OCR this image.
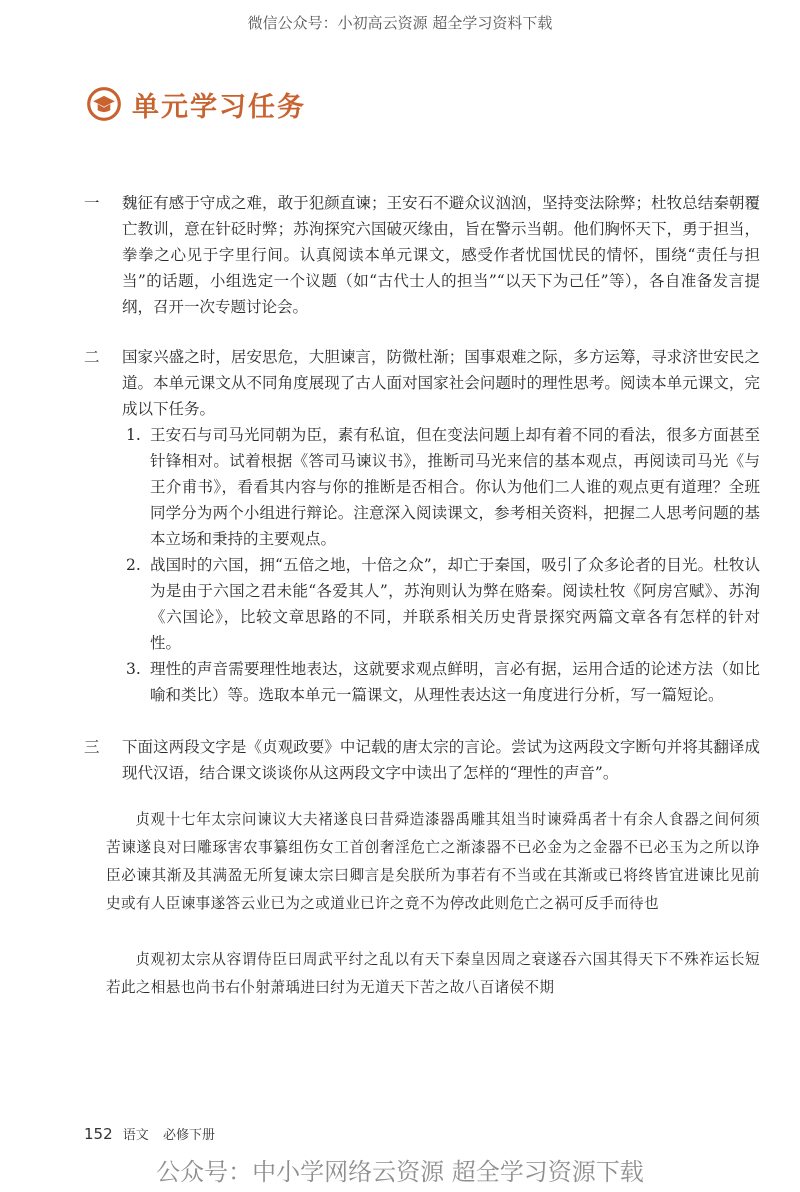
微信公众号：小初高云资源 超全学习资料下载
单元学习任务
一	魏征有感于守成之难，敢于犯颜直谏；王安石不避众议汹汹，坚持变法除弊；杜牧总结秦朝覆亡教训，意在针砭时弊；苏洵探究六国破灭缘由，旨在警示当朝。他们胸怀天下，勇于担当，拳拳之心见于字里行间。认真阅读本单元课文，感受作者忧国忧民的情怀，围绕“责任与担当”的话题，小组选定一个议题（如“古代士人的担当”“以天下为己任”等），各自准备发言提纲，召开一次专题讨论会。
二	国家兴盛之时，居安思危，大胆谏言，防微杜渐；国事艰难之际，多方运筹，寻求济世安民之道。本单元课文从不同角度展现了古人面对国家社会问题时的理性思考。阅读本单元课文，完成以下任务。
1. 王安石与司马光同朝为臣，素有私谊，但在变法问题上却有着不同的看法，很多方面甚至针锋相对。试着根据《答司马谏议书》，推断司马光来信的基本观点，再阅读司马光《与王介甫书》，看看其内容与你的推断是否相合。你认为他们二人谁的观点更有道理？全班同学分为两个小组进行辩论。注意深入阅读课文，参考相关资料，把握二人思考问题的基本立场和秉持的主要观点。
2. 战国时的六国，拥“五倍之地，十倍之众”，却亡于秦国，吸引了众多论者的目光。杜牧认为是由于六国之君未能“各爱其人”，苏洵则认为弊在赂秦。阅读杜牧《阿房宫赋》、苏洵《六国论》，比较文章思路的不同，并联系相关历史背景探究两篇文章各有怎样的针对性。
3. 理性的声音需要理性地表达，这就要求观点鲜明，言必有据，运用合适的论述方法（如比喻和类比）等。选取本单元一篇课文，从理性表达这一角度进行分析，写一篇短论。
三	下面这两段文字是《贞观政要》中记载的唐太宗的言论。尝试为这两段文字断句并将其翻译成现代汉语，结合课文谈谈你从这两段文字中读出了怎样的“理性的声音”。

贞观十七年太宗问谏议大夫褚遂良曰昔舜造漆器禹雕其俎当时谏舜禹者十有余人食器之间何须苦谏遂良对曰雕琢害农事纂组伤女工首创奢淫危亡之渐漆器不已必金为之金器不已必玉为之所以诤臣必谏其渐及其满盈无所复谏太宗曰卿言是矣朕所为事若有不当或在其渐或已将终皆宜进谏比见前史或有人臣谏事遂答云业已为之或道业已许之竟不为停改此则危亡之祸可反手而待也

贞观初太宗从容谓侍臣曰周武平纣之乱以有天下秦皇因周之衰遂吞六国其得天下不殊祚运长短若此之相悬也尚书右仆射萧瑀进曰纣为无道天下苦之故八百诸侯不期

152 语文 必修下册
公众号：中小学网络云资源 超全学习资源下载
